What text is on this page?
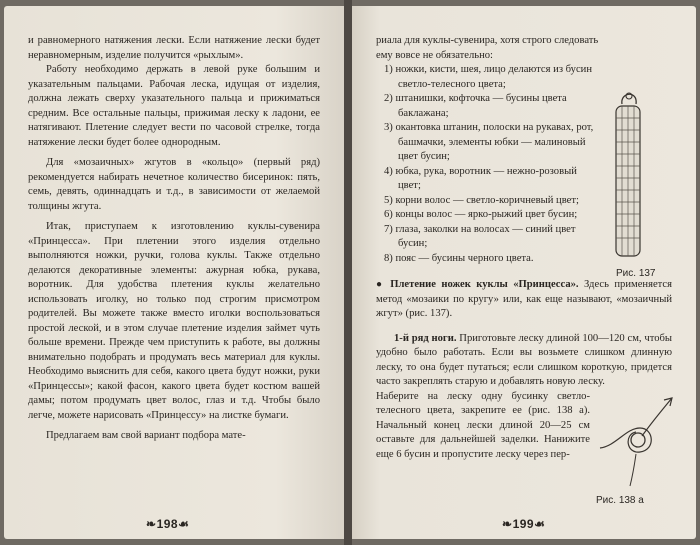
и равномерного натяжения лески. Если натяжение лески будет неравномерным, изделие получится «рыхлым».

Работу необходимо держать в левой руке большим и указательным пальцами. Рабочая леска, идущая от изделия, должна лежать сверху указательного пальца и прижиматься средним. Все остальные пальцы, прижимая леску к ладони, ее натягивают. Плетение следует вести по часовой стрелке, тогда натяжение лески будет более однородным.

Для «мозаичных» жгутов в «кольцо» (первый ряд) рекомендуется набирать нечетное количество бисеринок: пять, семь, девять, одиннадцать и т.д., в зависимости от желаемой толщины жгута.

Итак, приступаем к изготовлению куклы-сувенира «Принцесса». При плетении этого изделия отдельно выполняются ножки, ручки, голова куклы. Также отдельно делаются декоративные элементы: ажурная юбка, рукава, воротник. Для удобства плетения куклы желательно использовать иголку, но только под строгим присмотром родителей. Вы можете также вместо иголки воспользоваться простой леской, и в этом случае плетение изделия займет чуть больше времени. Прежде чем приступить к работе, вы должны внимательно подобрать и продумать весь материал для куклы. Необходимо выяснить для себя, какого цвета будут ножки, руки «Принцессы»; какой фасон, какого цвета будет костюм вашей дамы; потом продумать цвет волос, глаз и т.д. Чтобы было легче, можете нарисовать «Принцессу» на листке бумаги.

Предлагаем вам свой вариант подбора мате-

❧198☙

риала для куклы-сувенира, хотя строго следовать

ему вовсе не обязательно:

1) ножки, кисти, шея, лицо делаются из бусин светло-телесного цвета;
2) штанишки, кофточка — бусины цвета баклажана;
3) окантовка штанин, полоски на рукавах, рот, башмачки, элементы юбки — малиновый цвет бусин;
4) юбка, рука, воротник — нежно-розовый цвет;
5) корни волос — светло-коричневый цвет;
6) концы волос — ярко-рыжий цвет бусин;
7) глаза, заколки на волосах — синий цвет бусин;
8) пояс — бусины черного цвета.

● Плетение ножек куклы «Принцесса». Здесь применяется метод «мозаики по кругу» или, как еще называют, «мозаичный жгут» (рис. 137).

1-й ряд ноги. Приготовьте леску длиной 100—120 см, чтобы удобно было работать. Если вы возьмете слишком длинную леску, то она будет путаться; если слишком короткую, придется часто закреплять старую и добавлять новую леску.

Наберите на леску одну бусинку светло-телесного цвета, закрепите ее (рис. 138 а). Начальный конец лески длиной 20—25 см оставьте для дальнейшей заделки. Нанижите еще 6 бусин и пропустите леску через пер-

Рис. 137
Рис. 138 а
❧199☙
